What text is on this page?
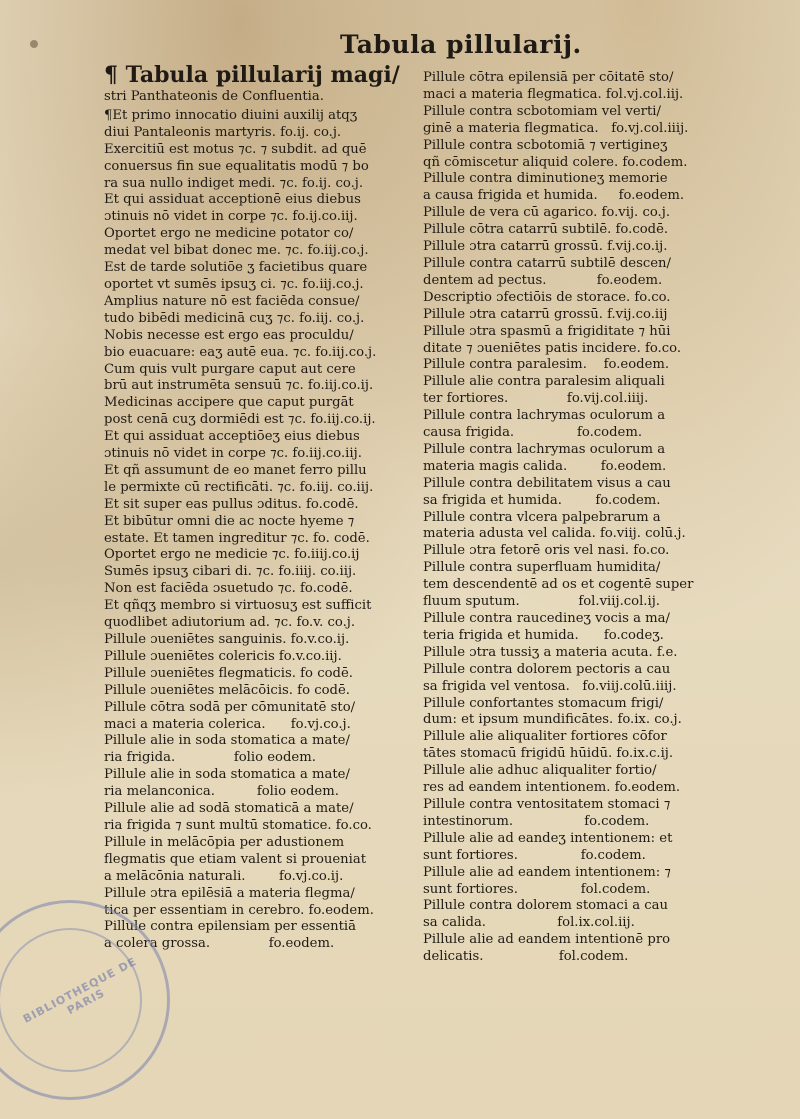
Tabula pillularij.
¶ Tabula pillularij magi/
stri Panthateonis de Confluentia.
¶Et primo innocatio diuini auxilij atqʒ
diui Pantaleonis martyris. fo.ij. co.j.
Exercitiū est motus ⁊c. ⁊ subdit. ad quē
conuersus fin sue equalitatis modū ⁊ bo
ra sua nullo indiget medi. ⁊c. fo.ij. co.j.
Et qui assiduat acceptionē eius diebus
ɔtinuis nō videt in corpe ⁊c. fo.ij.co.iij.
Oportet ergo ne medicine potator co/
medat vel bibat donec me. ⁊c. fo.iij.co.j.
Est de tarde solutiōe ʒ facietibus quare
oportet vt sumēs ipsuʒ ci. ⁊c. fo.iij.co.j.
Amplius nature nō est faciēda consue/
tudo bibēdi medicinā cuʒ ⁊c. fo.iij. co.j.
Nobis necesse est ergo eas proculdu/
bio euacuare: eaʒ autē eua. ⁊c. fo.iij.co.j.
Cum quis vult purgare caput aut cere
brū aut instrumēta sensuū ⁊c. fo.iij.co.ij.
Medicinas accipere que caput purgāt
post cenā cuʒ dormiēdi est ⁊c. fo.iij.co.ij.
Et qui assiduat acceptiōeʒ eius diebus
ɔtinuis nō videt in corpe ⁊c. fo.iij.co.iij.
Et qñ assumunt de eo manet ferro pillu
le permixte cū rectificāti. ⁊c. fo.iij. co.iij.
Et sit super eas pullus ɔditus. fo.codē.
Et bibūtur omni die ac nocte hyeme ⁊
estate. Et tamen ingreditur ⁊c. fo. codē.
Oportet ergo ne medicie ⁊c. fo.iiij.co.ij
Sumēs ipsuʒ cibari di. ⁊c. fo.iiij. co.iij.
Non est faciēda ɔsuetudo ⁊c. fo.codē.
Et qñqʒ membro si virtuosuʒ est sufficit
quodlibet adiutorium ad. ⁊c. fo.v. co.j.
Pillule ɔueniētes sanguinis. fo.v.co.ij.
Pillule ɔueniētes colericis fo.v.co.iij.
Pillule ɔueniētes flegmaticis. fo codē.
Pillule ɔueniētes melācōicis. fo codē.
Pillule cōtra sodā per cōmunitatē sto/
maci a materia colerica.      fo.vj.co.j.
Pillule alie in soda stomatica a mate/
ria frigida.              folio eodem.
Pillule alie in soda stomatica a mate/
ria melanconica.          folio eodem.
Pillule alie ad sodā stomaticā a mate/
ria frigida ⁊ sunt multū stomatice. fo.co.
Pillule in melācōpia per adustionem
flegmatis que etiam valent si proueniat
a melācōnia naturali.        fo.vj.co.ij.
Pillule ɔtra epilēsiā a materia flegma/
tica per essentiam in cerebro. fo.eodem.
Pillule contra epilensiam per essentiā
a colera grossa.              fo.eodem.
Pillule cōtra epilensiā per cōitatē sto/
maci a materia flegmatica. fol.vj.col.iij.
Pillule contra scbotomiam vel verti/
ginē a materia flegmatica.   fo.vj.col.iiij.
Pillule contra scbotomiā ⁊ vertigineʒ
qñ cōmiscetur aliquid colere. fo.codem.
Pillule contra diminutioneʒ memorie
a causa frigida et humida.     fo.eodem.
Pillule de vera cū agarico. fo.vij. co.j.
Pillule cōtra catarrū subtilē. fo.codē.
Pillule ɔtra catarrū grossū. f.vij.co.ij.
Pillule contra catarrū subtilē descen/
dentem ad pectus.            fo.eodem.
Descriptio ɔfectiōis de storace. fo.co.
Pillule ɔtra catarrū grossū. f.vij.co.iij
Pillule ɔtra spasmū a frigiditate ⁊ hūi
ditate ⁊ ɔueniētes patis incidere. fo.co.
Pillule contra paralesim.    fo.eodem.
Pillule alie contra paralesim aliquali
ter fortiores.              fo.vij.col.iiij.
Pillule contra lachrymas oculorum a
causa frigida.               fo.codem.
Pillule contra lachrymas oculorum a
materia magis calida.        fo.eodem.
Pillule contra debilitatem visus a cau
sa frigida et humida.        fo.codem.
Pillule contra vlcera palpebrarum a
materia adusta vel calida. fo.viij. colū.j.
Pillule ɔtra fetorē oris vel nasi. fo.co.
Pillule contra superfluam humidita/
tem descendentē ad os et cogentē super
fluum sputum.              fol.viij.col.ij.
Pillule contra raucedineʒ vocis a ma/
teria frigida et humida.      fo.codeʒ.
Pillule ɔtra tussiʒ a materia acuta. f.e.
Pillule contra dolorem pectoris a cau
sa frigida vel ventosa.   fo.viij.colū.iiij.
Pillule confortantes stomacum frigi/
dum: et ipsum mundificātes. fo.ix. co.j.
Pillule alie aliqualiter fortiores cōfor
tātes stomacū frigidū hūidū. fo.ix.c.ij.
Pillule alie adhuc aliqualiter fortio/
res ad eandem intentionem. fo.eodem.
Pillule contra ventositatem stomaci ⁊
intestinorum.                 fo.codem.
Pillule alie ad eandeʒ intentionem: et
sunt fortiores.               fo.codem.
Pillule alie ad eandem intentionem: ⁊
sunt fortiores.               fol.codem.
Pillule contra dolorem stomaci a cau
sa calida.                 fol.ix.col.iij.
Pillule alie ad eandem intentionē pro
delicatis.                  fol.codem.
BIBLIOTHEQUE DE PARIS
